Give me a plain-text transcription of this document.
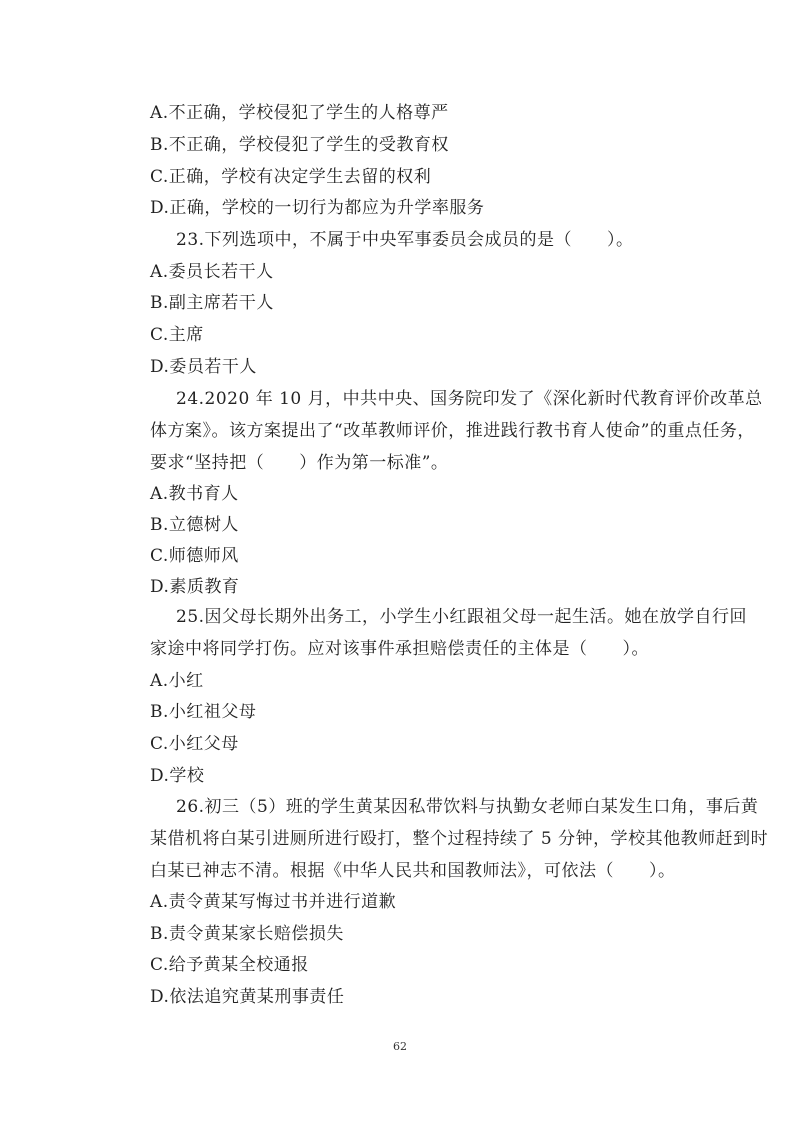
A.不正确，学校侵犯了学生的人格尊严
B.不正确，学校侵犯了学生的受教育权
C.正确，学校有决定学生去留的权利
D.正确，学校的一切行为都应为升学率服务
23.下列选项中，不属于中央军事委员会成员的是（　　）。
A.委员长若干人
B.副主席若干人
C.主席
D.委员若干人
24.2020 年 10 月，中共中央、国务院印发了《深化新时代教育评价改革总
体方案》。该方案提出了“改革教师评价，推进践行教书育人使命”的重点任务，
要求“坚持把（　　）作为第一标准”。
A.教书育人
B.立德树人
C.师德师风
D.素质教育
25.因父母长期外出务工，小学生小红跟祖父母一起生活。她在放学自行回
家途中将同学打伤。应对该事件承担赔偿责任的主体是（　　）。
A.小红
B.小红祖父母
C.小红父母
D.学校
26.初三（5）班的学生黄某因私带饮料与执勤女老师白某发生口角，事后黄
某借机将白某引进厕所进行殴打，整个过程持续了 5 分钟，学校其他教师赶到时
白某已神志不清。根据《中华人民共和国教师法》，可依法（　　）。
A.责令黄某写悔过书并进行道歉
B.责令黄某家长赔偿损失
C.给予黄某全校通报
D.依法追究黄某刑事责任
62
